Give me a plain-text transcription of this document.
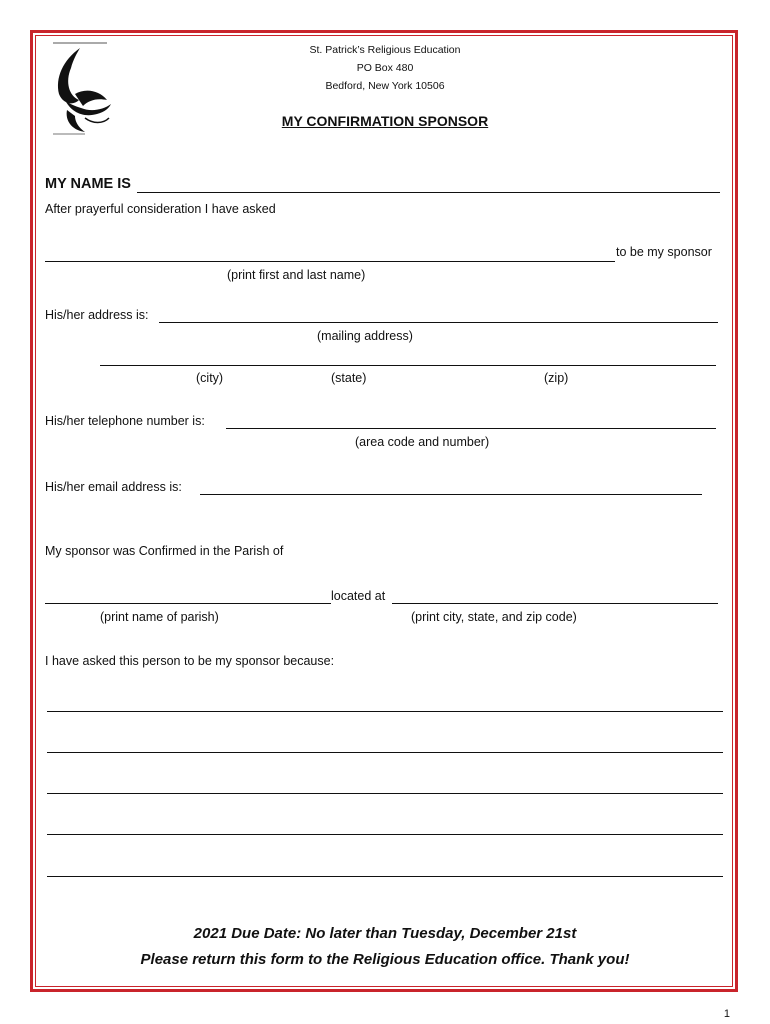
St. Patrick’s Religious Education
PO Box 480
Bedford, New York 10506
MY CONFIRMATION SPONSOR
MY NAME IS
After prayerful consideration I have asked
to be my sponsor
(print first and last name)
His/her address is:
(mailing address)
(city)	(state)	(zip)
His/her telephone number is:
(area code and number)
His/her email address is:
My sponsor was Confirmed in the Parish of
located at
(print name of parish)	(print city, state, and zip code)
I have asked this person to be my sponsor because:
2021 Due Date: No later than Tuesday, December 21st
Please return this form to the Religious Education office. Thank you!
1
